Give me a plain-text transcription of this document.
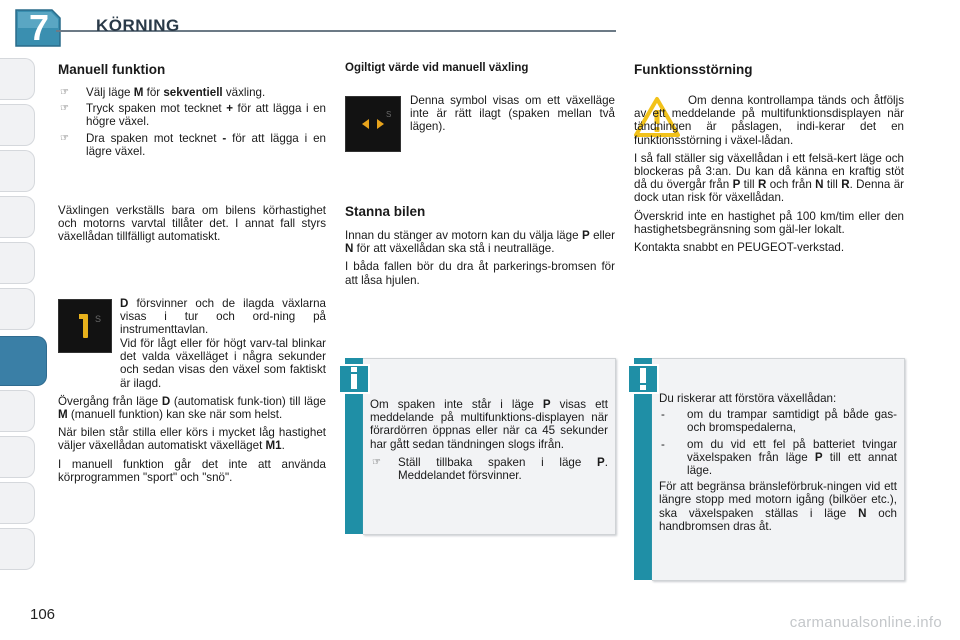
7	KÖRNING
Manuell funktion
☞	Välj läge M för sekventiell växling.
☞	Tryck spaken mot tecknet + för att lägga i en högre växel.
☞	Dra spaken mot tecknet - för att lägga i en lägre växel.
Växlingen verkställs bara om bilens körhastighet och motorns varvtal tillåter det. I annat fall styrs växellådan tillfälligt automatiskt.
S
D försvinner och de ilagda växlarna visas i tur och ord-ning på instrumenttavlan.

Vid för lågt eller för högt varv-tal blinkar det valda växelläget i några sekunder och sedan visas den växel som faktiskt är ilagd.

Övergång från läge D (automatisk funk-tion) till läge M (manuell funktion) kan ske när som helst.

När bilen står stilla eller körs i mycket låg hastighet väljer växellådan automatiskt växelläget M1.

I manuell funktion går det inte att använda körprogrammen "sport" och "snö".

Ogiltigt värde vid manuell växling
S
Denna symbol visas om ett växelläge inte är rätt ilagt (spaken mellan två lägen).
Stanna bilen

Innan du stänger av motorn kan du välja läge P eller N för att växellådan ska stå i neutralläge.

I båda fallen bör du dra åt parkerings-bromsen för att låsa hjulen.

Om spaken inte står i läge P visas ett meddelande på multifunktions-displayen när förardörren öppnas eller när ca 45 sekunder har gått sedan tändningen slogs ifrån.

☞	Ställ tillbaka spaken i läge P. Meddelandet försvinner.
Funktionsstörning

Om denna kontrollampa tänds och åtföljs av ett meddelande på multifunktionsdisplayen när tändningen är påslagen, indi-kerar det en funktionsstörning i växel-lådan.

I så fall ställer sig växellådan i ett felsä-kert läge och blockeras på 3:an. Du kan då känna en kraftig stöt då du övergår från P till R och från N till R. Denna är dock utan risk för växellådan.

Överskrid inte en hastighet på 100 km/tim eller den hastighetsbegränsning som gäl-ler lokalt.

Kontakta snabbt en PEUGEOT-verkstad.

Du riskerar att förstöra växellådan:

-	om du trampar samtidigt på både gas- och bromspedalerna,
-	om du vid ett fel på batteriet tvingar växelspaken från läge P till ett annat läge.

För att begränsa bränsleförbruk-ningen vid ett längre stopp med motorn igång (bilköer etc.), ska växelspaken ställas i läge N och handbromsen dras åt.

106	carmanualsonline.info
